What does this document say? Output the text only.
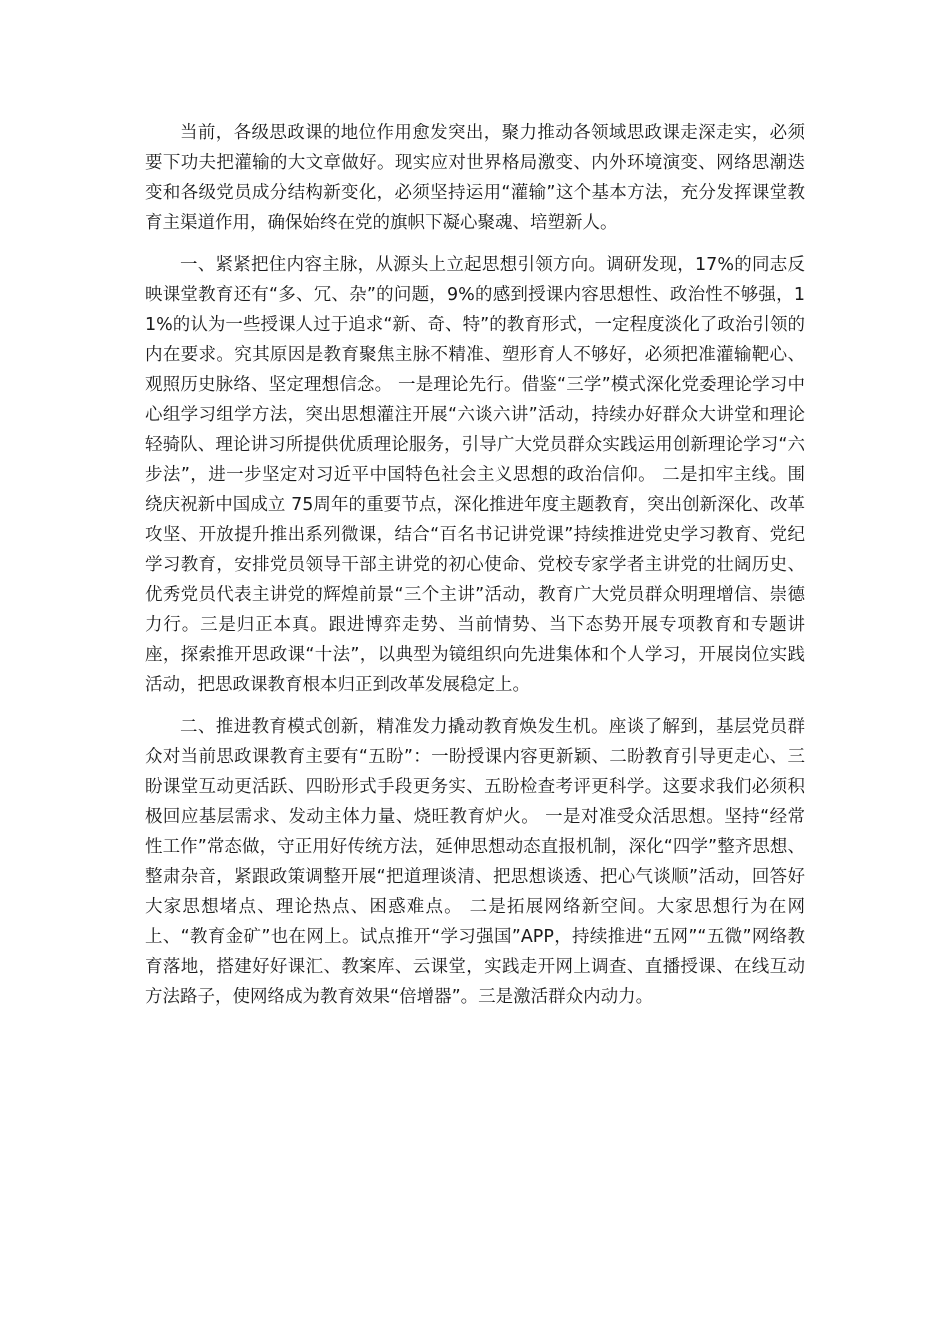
当前，各级思政课的地位作用愈发突出，聚力推动各领域思政课走深走实，必须要下功夫把灌输的大文章做好。现实应对世界格局激变、内外环境演变、网络思潮迭变和各级党员成分结构新变化，必须坚持运用“灌输”这个基本方法，充分发挥课堂教育主渠道作用，确保始终在党的旗帜下凝心聚魂、培塑新人。

一、紧紧把住内容主脉，从源头上立起思想引领方向。调研发现，17%的同志反映课堂教育还有“多、冗、杂”的问题，9%的感到授课内容思想性、政治性不够强，11%的认为一些授课人过于追求“新、奇、特”的教育形式，一定程度淡化了政治引领的内在要求。究其原因是教育聚焦主脉不精准、塑形育人不够好，必须把准灌输靶心、观照历史脉络、坚定理想信念。 一是理论先行。借鉴“三学”模式深化党委理论学习中心组学习组学方法，突出思想灌注开展“六谈六讲”活动，持续办好群众大讲堂和理论轻骑队、理论讲习所提供优质理论服务，引导广大党员群众实践运用创新理论学习“六步法”，进一步坚定对习近平中国特色社会主义思想的政治信仰。 二是扣牢主线。围绕庆祝新中国成立 75周年的重要节点，深化推进年度主题教育，突出创新深化、改革攻坚、开放提升推出系列微课，结合“百名书记讲党课”持续推进党史学习教育、党纪学习教育，安排党员领导干部主讲党的初心使命、党校专家学者主讲党的壮阔历史、优秀党员代表主讲党的辉煌前景“三个主讲”活动，教育广大党员群众明理增信、崇德力行。三是归正本真。跟进博弈走势、当前情势、当下态势开展专项教育和专题讲座，探索推开思政课“十法”，以典型为镜组织向先进集体和个人学习，开展岗位实践活动，把思政课教育根本归正到改革发展稳定上。

二、推进教育模式创新，精准发力撬动教育焕发生机。座谈了解到，基层党员群众对当前思政课教育主要有“五盼”：一盼授课内容更新颖、二盼教育引导更走心、三盼课堂互动更活跃、四盼形式手段更务实、五盼检查考评更科学。这要求我们必须积极回应基层需求、发动主体力量、烧旺教育炉火。 一是对准受众活思想。坚持“经常性工作”常态做，守正用好传统方法，延伸思想动态直报机制，深化“四学”整齐思想、整肃杂音，紧跟政策调整开展“把道理谈清、把思想谈透、把心气谈顺”活动，回答好大家思想堵点、理论热点、困惑难点。 二是拓展网络新空间。大家思想行为在网上、“教育金矿”也在网上。试点推开“学习强国”APP，持续推进“五网”“五微”网络教育落地，搭建好好课汇、教案库、云课堂，实践走开网上调查、直播授课、在线互动方法路子，使网络成为教育效果“倍增器”。三是激活群众内动力。
